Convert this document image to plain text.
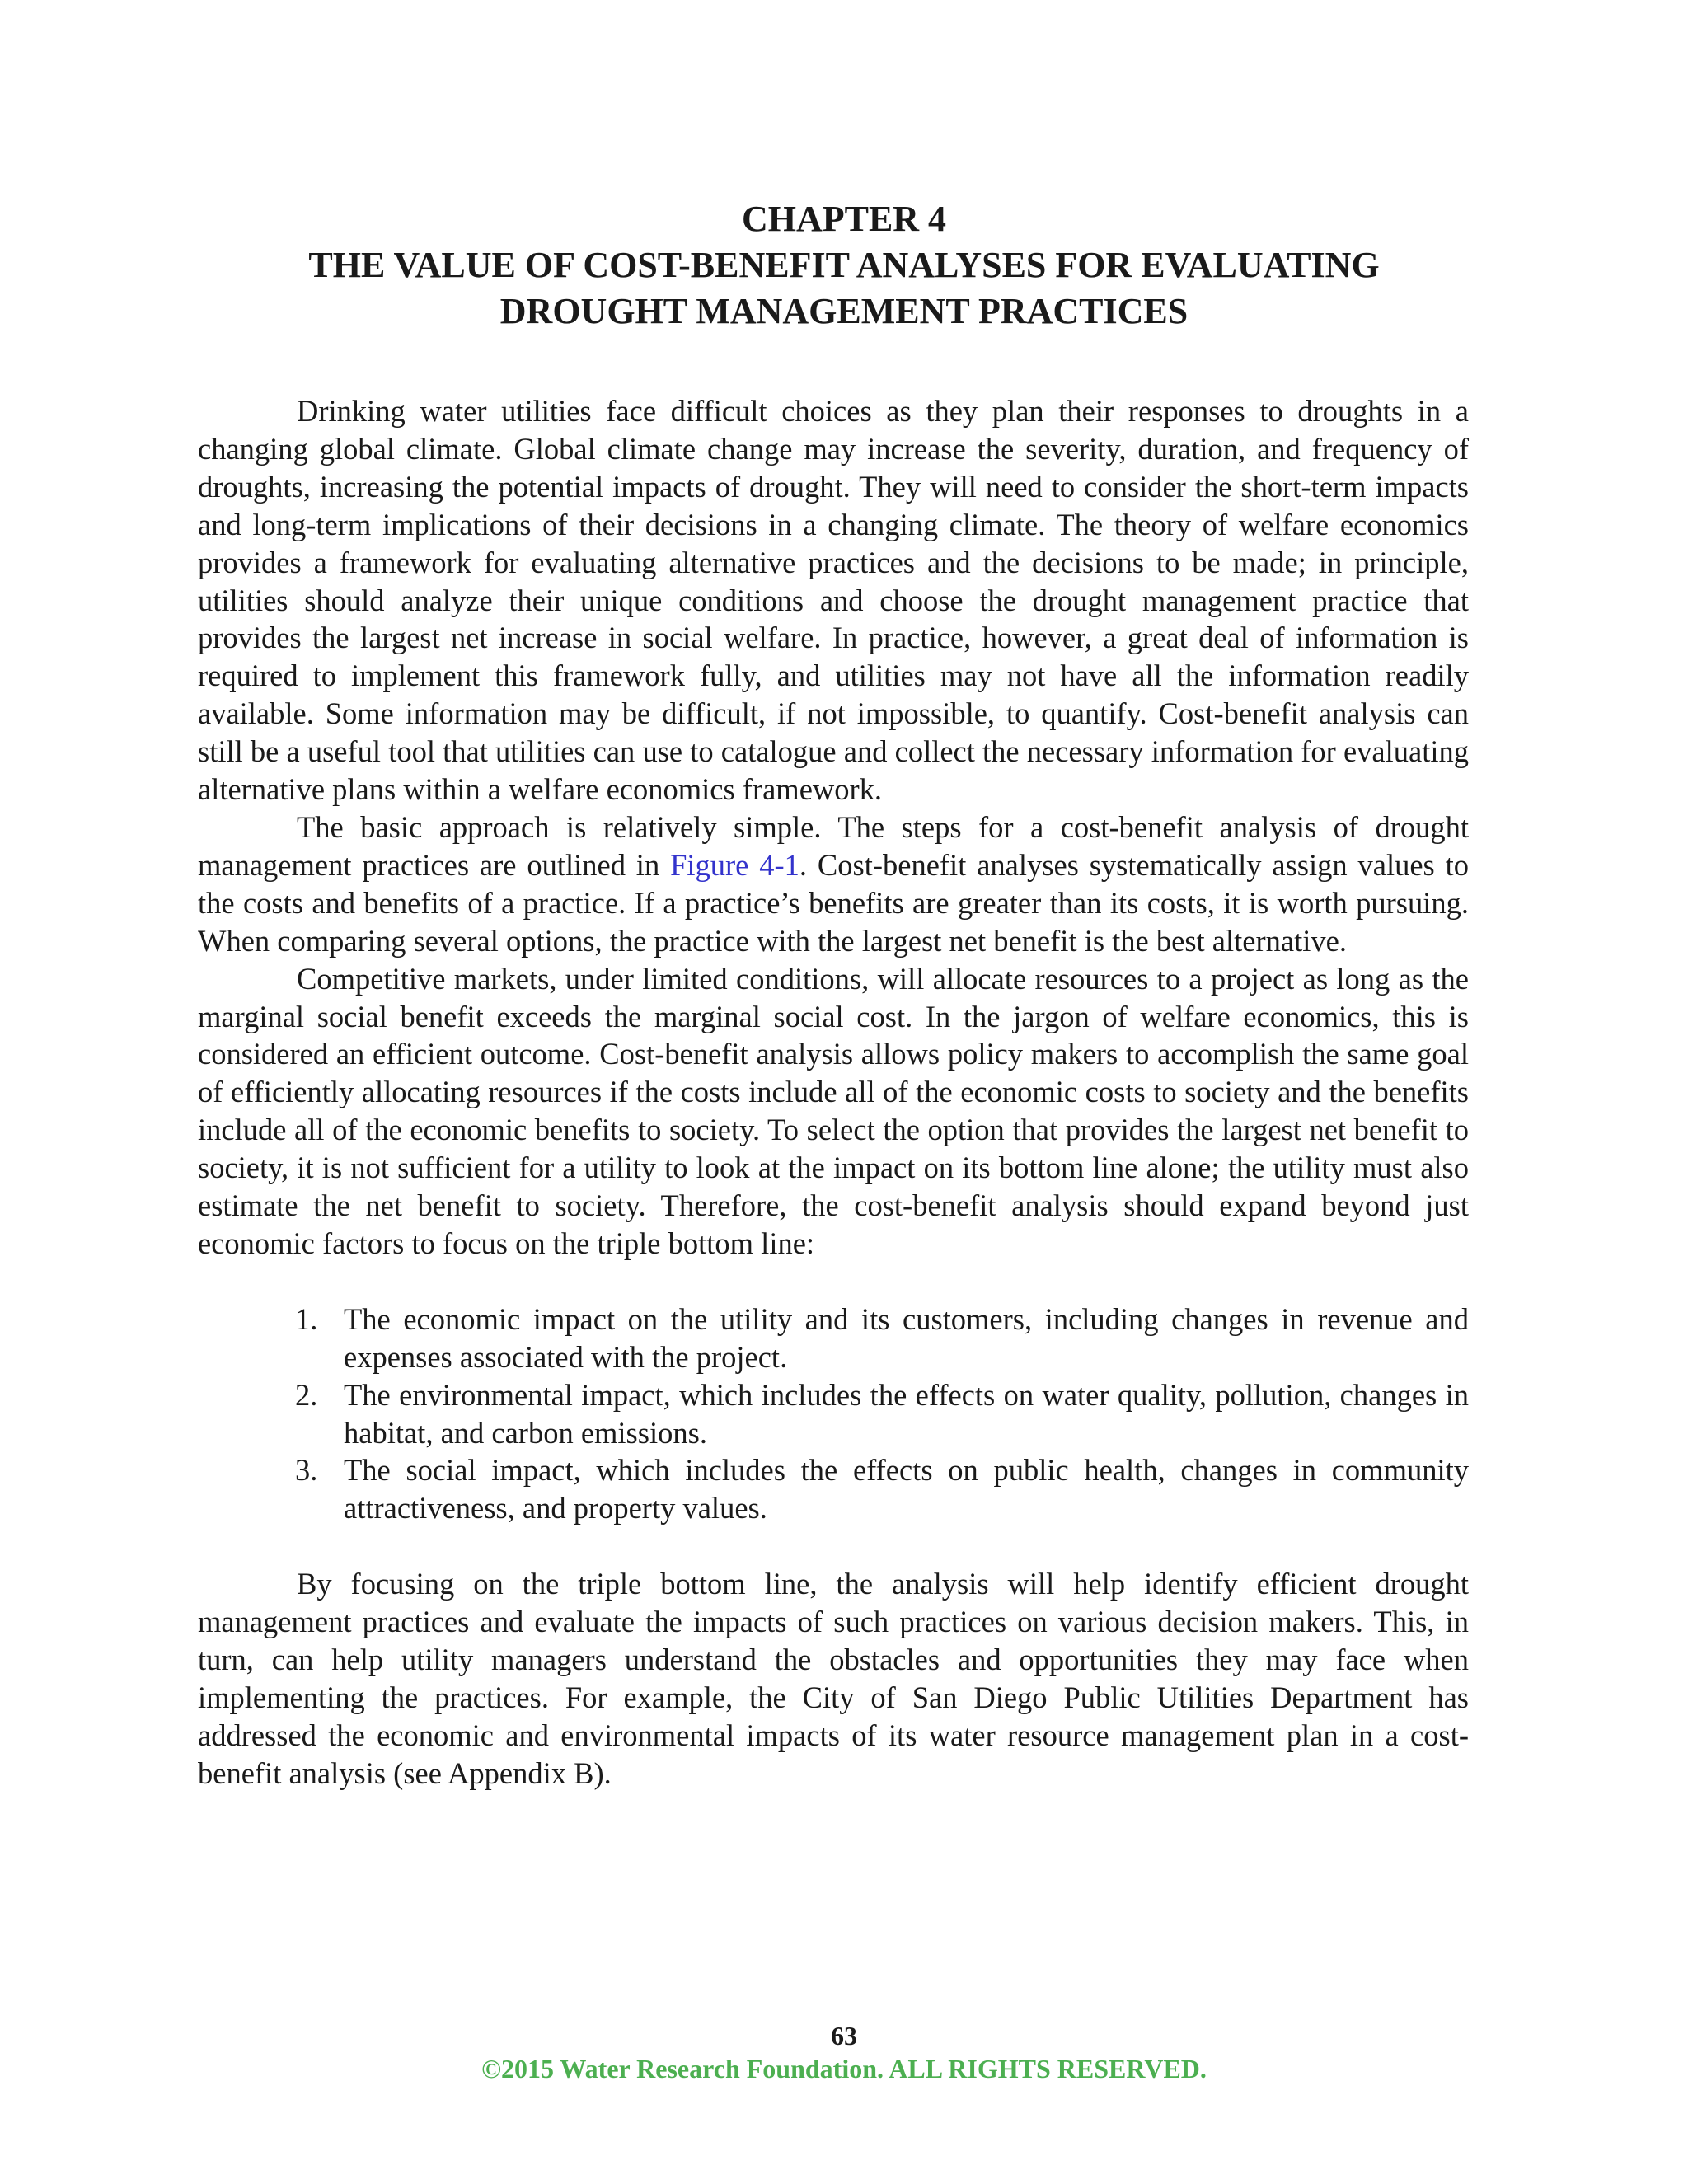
CHAPTER 4
THE VALUE OF COST-BENEFIT ANALYSES FOR EVALUATING
DROUGHT MANAGEMENT PRACTICES

Drinking water utilities face difficult choices as they plan their responses to droughts in a changing global climate. Global climate change may increase the severity, duration, and frequency of droughts, increasing the potential impacts of drought. They will need to consider the short-term impacts and long-term implications of their decisions in a changing climate. The theory of welfare economics provides a framework for evaluating alternative practices and the decisions to be made; in principle, utilities should analyze their unique conditions and choose the drought management practice that provides the largest net increase in social welfare. In practice, however, a great deal of information is required to implement this framework fully, and utilities may not have all the information readily available. Some information may be difficult, if not impossible, to quantify. Cost-benefit analysis can still be a useful tool that utilities can use to catalogue and collect the necessary information for evaluating alternative plans within a welfare economics framework.

The basic approach is relatively simple. The steps for a cost-benefit analysis of drought management practices are outlined in Figure 4-1. Cost-benefit analyses systematically assign values to the costs and benefits of a practice. If a practice’s benefits are greater than its costs, it is worth pursuing. When comparing several options, the practice with the largest net benefit is the best alternative.

Competitive markets, under limited conditions, will allocate resources to a project as long as the marginal social benefit exceeds the marginal social cost. In the jargon of welfare economics, this is considered an efficient outcome. Cost-benefit analysis allows policy makers to accomplish the same goal of efficiently allocating resources if the costs include all of the economic costs to society and the benefits include all of the economic benefits to society. To select the option that provides the largest net benefit to society, it is not sufficient for a utility to look at the impact on its bottom line alone; the utility must also estimate the net benefit to society. Therefore, the cost-benefit analysis should expand beyond just economic factors to focus on the triple bottom line:

1. The economic impact on the utility and its customers, including changes in revenue and expenses associated with the project.
2. The environmental impact, which includes the effects on water quality, pollution, changes in habitat, and carbon emissions.
3. The social impact, which includes the effects on public health, changes in community attractiveness, and property values.

By focusing on the triple bottom line, the analysis will help identify efficient drought management practices and evaluate the impacts of such practices on various decision makers. This, in turn, can help utility managers understand the obstacles and opportunities they may face when implementing the practices. For example, the City of San Diego Public Utilities Department has addressed the economic and environmental impacts of its water resource management plan in a cost-benefit analysis (see Appendix B).

63
©2015 Water Research Foundation. ALL RIGHTS RESERVED.
